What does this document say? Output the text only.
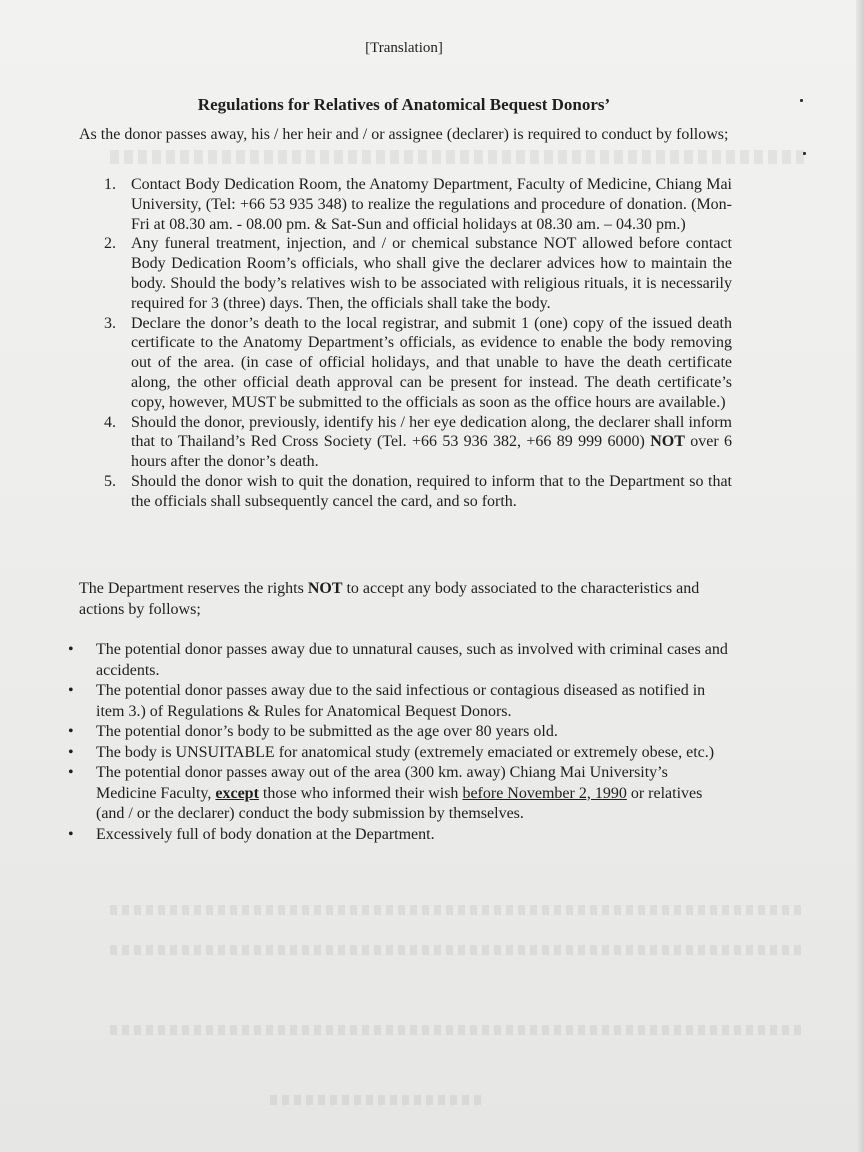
[Translation]
Regulations for Relatives of Anatomical Bequest Donors’
As the donor passes away, his / her heir and / or assignee (declarer) is required to conduct by follows;
1. Contact Body Dedication Room, the Anatomy Department, Faculty of Medicine, Chiang Mai University, (Tel: +66 53 935 348) to realize the regulations and procedure of donation. (Mon-Fri at 08.30 am. - 08.00 pm. & Sat-Sun and official holidays at 08.30 am. – 04.30 pm.)
2. Any funeral treatment, injection, and / or chemical substance NOT allowed before contact Body Dedication Room’s officials, who shall give the declarer advices how to maintain the body. Should the body’s relatives wish to be associated with religious rituals, it is necessarily required for 3 (three) days. Then, the officials shall take the body.
3. Declare the donor’s death to the local registrar, and submit 1 (one) copy of the issued death certificate to the Anatomy Department’s officials, as evidence to enable the body removing out of the area. (in case of official holidays, and that unable to have the death certificate along, the other official death approval can be present for instead. The death certificate’s copy, however, MUST be submitted to the officials as soon as the office hours are available.)
4. Should the donor, previously, identify his / her eye dedication along, the declarer shall inform that to Thailand’s Red Cross Society (Tel. +66 53 936 382, +66 89 999 6000) NOT over 6 hours after the donor’s death.
5. Should the donor wish to quit the donation, required to inform that to the Department so that the officials shall subsequently cancel the card, and so forth.
The Department reserves the rights NOT to accept any body associated to the characteristics and actions by follows;
• The potential donor passes away due to unnatural causes, such as involved with criminal cases and accidents.
• The potential donor passes away due to the said infectious or contagious diseased as notified in item 3.) of Regulations & Rules for Anatomical Bequest Donors.
• The potential donor’s body to be submitted as the age over 80 years old.
• The body is UNSUITABLE for anatomical study (extremely emaciated or extremely obese, etc.)
• The potential donor passes away out of the area (300 km. away) Chiang Mai University’s Medicine Faculty, except those who informed their wish before November 2, 1990 or relatives (and / or the declarer) conduct the body submission by themselves.
• Excessively full of body donation at the Department.
